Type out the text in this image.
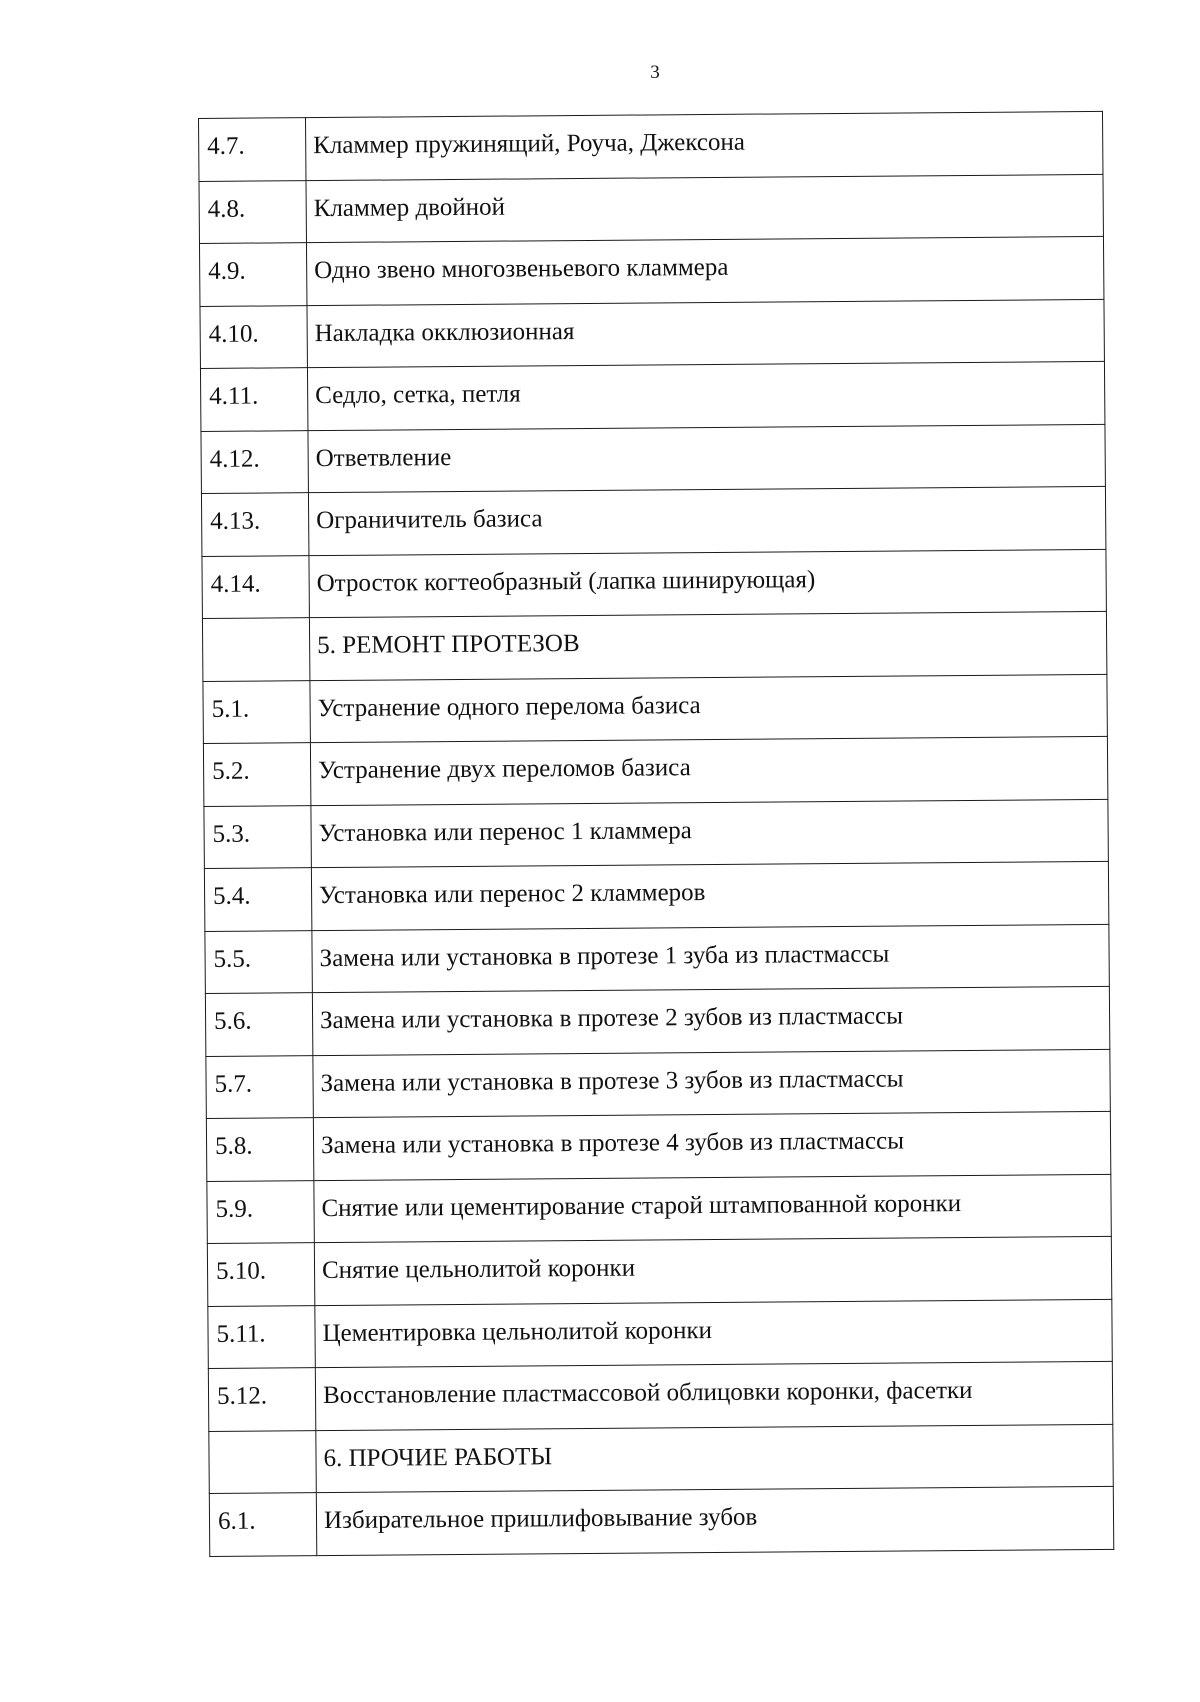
3
4.7.	Кламмер пружинящий, Роуча, Джексона
4.8.	Кламмер двойной
4.9.	Одно звено многозвеньевого кламмера
4.10.	Накладка окклюзионная
4.11.	Седло, сетка, петля
4.12.	Ответвление
4.13.	Ограничитель базиса
4.14.	Отросток когтеобразный (лапка шинирующая)
	5. РЕМОНТ ПРОТЕЗОВ
5.1.	Устранение одного перелома базиса
5.2.	Устранение двух переломов базиса
5.3.	Установка или перенос 1 кламмера
5.4.	Установка или перенос 2 кламмеров
5.5.	Замена или установка в протезе 1 зуба из пластмассы
5.6.	Замена или установка в протезе 2 зубов из пластмассы
5.7.	Замена или установка в протезе 3 зубов из пластмассы
5.8.	Замена или установка в протезе 4 зубов из пластмассы
5.9.	Снятие или цементирование старой штампованной коронки
5.10.	Снятие цельнолитой коронки
5.11.	Цементировка цельнолитой коронки
5.12.	Восстановление пластмассовой облицовки коронки, фасетки
	6. ПРОЧИЕ РАБОТЫ
6.1.	Избирательное пришлифовывание зубов
